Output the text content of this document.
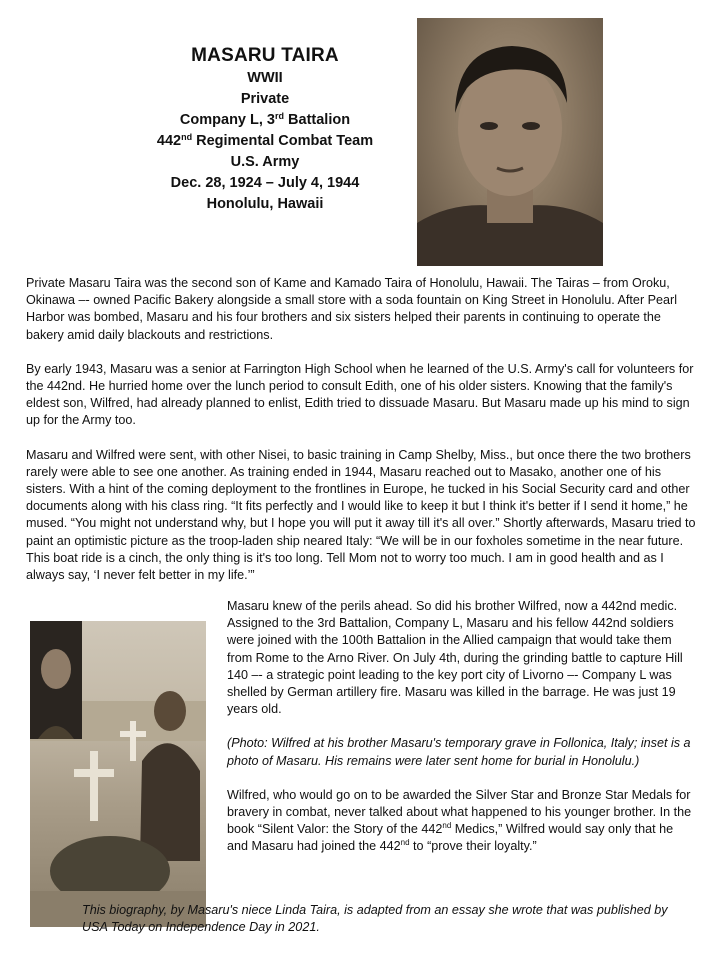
MASARU TAIRA
WWII
Private
Company L, 3rd Battalion
442nd Regimental Combat Team
U.S. Army
Dec. 28, 1924 – July 4, 1944
Honolulu, Hawaii

Private Masaru Taira was the second son of Kame and Kamado Taira of Honolulu, Hawaii. The Tairas – from Oroku, Okinawa –- owned Pacific Bakery alongside a small store with a soda fountain on King Street in Honolulu. After Pearl Harbor was bombed, Masaru and his four brothers and six sisters helped their parents in continuing to operate the bakery amid daily blackouts and restrictions.

By early 1943, Masaru was a senior at Farrington High School when he learned of the U.S. Army's call for volunteers for the 442nd. He hurried home over the lunch period to consult Edith, one of his older sisters. Knowing that the family's eldest son, Wilfred, had already planned to enlist, Edith tried to dissuade Masaru. But Masaru made up his mind to sign up for the Army too.

Masaru and Wilfred were sent, with other Nisei, to basic training in Camp Shelby, Miss., but once there the two brothers rarely were able to see one another. As training ended in 1944, Masaru reached out to Masako, another one of his sisters. With a hint of the coming deployment to the frontlines in Europe, he tucked in his Social Security card and other documents along with his class ring. “It fits perfectly and I would like to keep it but I think it's better if I send it home,” he mused. “You might not understand why, but I hope you will put it away till it's all over.” Shortly afterwards, Masaru tried to paint an optimistic picture as the troop-laden ship neared Italy: “We will be in our foxholes sometime in the near future. This boat ride is a cinch, the only thing is it's too long. Tell Mom not to worry too much. I am in good health and as I always say, ‘I never felt better in my life.’”

Masaru knew of the perils ahead. So did his brother Wilfred, now a 442nd medic. Assigned to the 3rd Battalion, Company L, Masaru and his fellow 442nd soldiers were joined with the 100th Battalion in the Allied campaign that would take them from Rome to the Arno River. On July 4th, during the grinding battle to capture Hill 140 –- a strategic point leading to the key port city of Livorno –- Company L was shelled by German artillery fire. Masaru was killed in the barrage. He was just 19 years old.

(Photo: Wilfred at his brother Masaru's temporary grave in Follonica, Italy; inset is a photo of Masaru. His remains were later sent home for burial in Honolulu.)

Wilfred, who would go on to be awarded the Silver Star and Bronze Star Medals for bravery in combat, never talked about what happened to his younger brother. In the book “Silent Valor: the Story of the 442nd Medics,” Wilfred would say only that he and Masaru had joined the 442nd to “prove their loyalty.”

This biography, by Masaru's niece Linda Taira, is adapted from an essay she wrote that was published by USA Today on Independence Day in 2021.
